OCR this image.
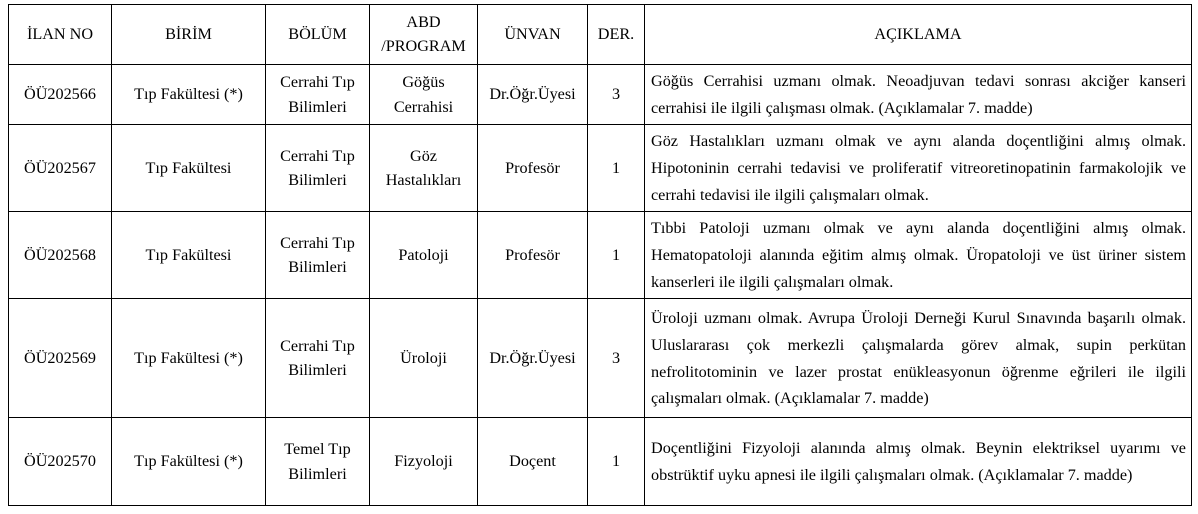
İLAN NO	BİRİM	BÖLÜM	ABD /PROGRAM	ÜNVAN	DER.	AÇIKLAMA
ÖÜ202566	Tıp Fakültesi (*)	Cerrahi Tıp Bilimleri	Göğüs Cerrahisi	Dr.Öğr.Üyesi	3	Göğüs Cerrahisi uzmanı olmak. Neoadjuvan tedavi sonrası akciğer kanseri cerrahisi ile ilgili çalışması olmak. (Açıklamalar 7. madde)
ÖÜ202567	Tıp Fakültesi	Cerrahi Tıp Bilimleri	Göz Hastalıkları	Profesör	1	Göz Hastalıkları uzmanı olmak ve aynı alanda doçentliğini almış olmak. Hipotoninin cerrahi tedavisi ve proliferatif vitreoretinopatinin farmakolojik ve cerrahi tedavisi ile ilgili çalışmaları olmak.
ÖÜ202568	Tıp Fakültesi	Cerrahi Tıp Bilimleri	Patoloji	Profesör	1	Tıbbi Patoloji uzmanı olmak ve aynı alanda doçentliğini almış olmak. Hematopatoloji alanında eğitim almış olmak. Üropatoloji ve üst üriner sistem kanserleri ile ilgili çalışmaları olmak.
ÖÜ202569	Tıp Fakültesi (*)	Cerrahi Tıp Bilimleri	Üroloji	Dr.Öğr.Üyesi	3	Üroloji uzmanı olmak. Avrupa Üroloji Derneği Kurul Sınavında başarılı olmak. Uluslararası çok merkezli çalışmalarda görev almak, supin perkütan nefrolitotominin ve lazer prostat enükleasyonun öğrenme eğrileri ile ilgili çalışmaları olmak. (Açıklamalar 7. madde)
ÖÜ202570	Tıp Fakültesi (*)	Temel Tıp Bilimleri	Fizyoloji	Doçent	1	Doçentliğini Fizyoloji alanında almış olmak. Beynin elektriksel uyarımı ve obstrüktif uyku apnesi ile ilgili çalışmaları olmak. (Açıklamalar 7. madde)
